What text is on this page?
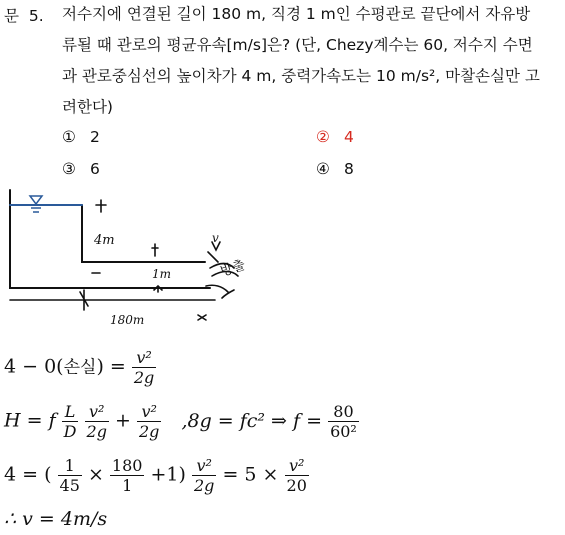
문 5. 저수지에 연결된 길이 180 m, 직경 1 m인 수평관로 끝단에서 자유방
류될 때 관로의 평균유속[m/s]은? (단, Chezy계수는 60, 저수지 수면
과 관로중심선의 높이차가 4 m, 중력가속도는 10 m/s², 마찰손실만 고
려한다)
① 2	② 4
③ 6	④ 8
4m
1m
180m
v
방출
4 − 0(손실) = $\frac{\text{v²}}{2g}$
H = f $\frac{L}{D}$
$\frac{\text{v²}}{2g} + \frac{\text{v²}}{2g} ,8g = fc^2$ ⇒ $f = \frac{80}{\text{60²}}$
4 = ( $\frac{1}{45} \times \frac{180}{1} +1) \frac{\text{v²}}{2g} = 5 \times \frac{\text{v²}}{20}$
∴ v = 4m/s
